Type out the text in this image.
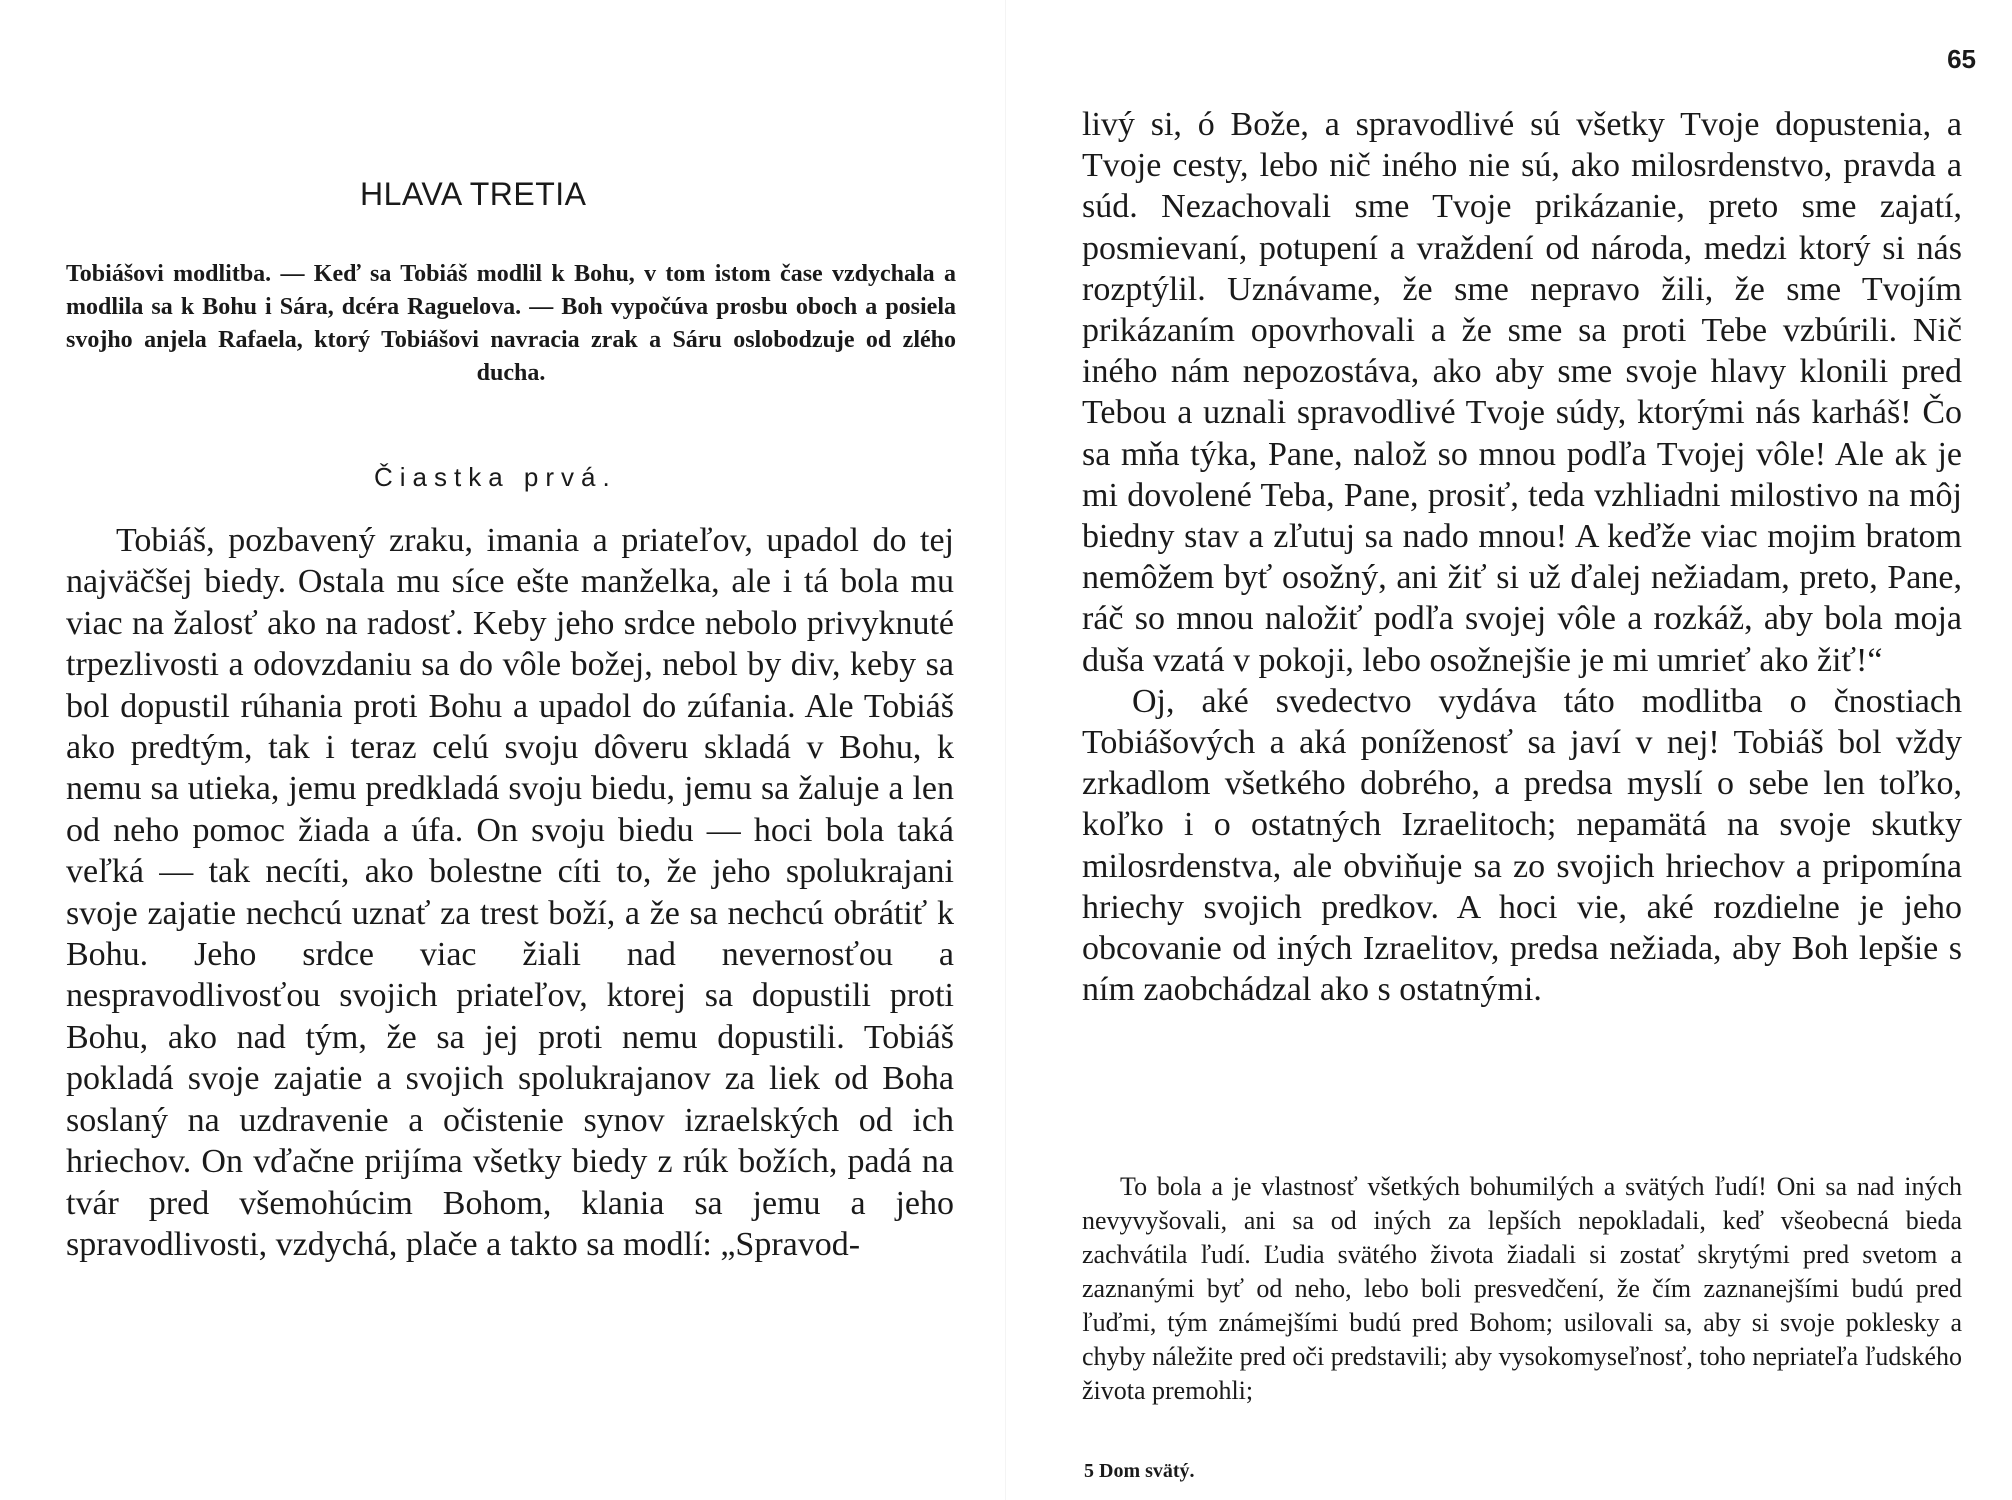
HLAVA TRETIA
Tobiášovi modlitba. — Keď sa Tobiáš modlil k Bohu, v tom istom čase vzdychala a modlila sa k Bohu i Sára, dcéra Raguelova. — Boh vypočúva prosbu oboch a posiela svojho anjela Rafaela, ktorý Tobiášovi navracia zrak a Sáru oslobodzuje od zlého ducha.
Čiastka prvá.

Tobiáš, pozbavený zraku, imania a priateľov, upadol do tej najväčšej biedy. Ostala mu síce ešte manželka, ale i tá bola mu viac na žalosť ako na radosť. Keby jeho srdce nebolo privyknuté trpezlivosti a odovzdaniu sa do vôle božej, nebol by div, keby sa bol dopustil rúhania proti Bohu a upadol do zúfania. Ale Tobiáš ako predtým, tak i teraz celú svoju dôveru skladá v Bohu, k nemu sa utieka, jemu predkladá svoju biedu, jemu sa žaluje a len od neho pomoc žiada a úfa. On svoju biedu — hoci bola taká veľká — tak necíti, ako bolestne cíti to, že jeho spolukrajani svoje zajatie nechcú uznať za trest boží, a že sa nechcú obrátiť k Bohu. Jeho srdce viac žiali nad nevernosťou a nespravodlivosťou svojich priateľov, ktorej sa dopustili proti Bohu, ako nad tým, že sa jej proti nemu dopustili. Tobiáš pokladá svoje zajatie a svojich spolukrajanov za liek od Boha soslaný na uzdravenie a očistenie synov izraelských od ich hriechov. On vďačne prijíma všetky biedy z rúk božích, padá na tvár pred všemohúcim Bohom, klania sa jemu a jeho spravodlivosti, vzdychá, plače a takto sa modlí: „Spravod-

65

livý si, ó Bože, a spravodlivé sú všetky Tvoje dopustenia, a Tvoje cesty, lebo nič iného nie sú, ako milosrdenstvo, pravda a súd. Nezachovali sme Tvoje prikázanie, preto sme zajatí, posmievaní, potupení a vraždení od národa, medzi ktorý si nás rozptýlil. Uznávame, že sme nepravo žili, že sme Tvojím prikázaním opovrhovali a že sme sa proti Tebe vzbúrili. Nič iného nám nepozostáva, ako aby sme svoje hlavy klonili pred Tebou a uznali spravodlivé Tvoje súdy, ktorými nás karháš! Čo sa mňa týka, Pane, nalož so mnou podľa Tvojej vôle! Ale ak je mi dovolené Teba, Pane, prosiť, teda vzhliadni milostivo na môj biedny stav a zľutuj sa nado mnou! A keďže viac mojim bratom nemôžem byť osožný, ani žiť si už ďalej nežiadam, preto, Pane, ráč so mnou naložiť podľa svojej vôle a rozkáž, aby bola moja duša vzatá v pokoji, lebo osožnejšie je mi umrieť ako žiť!“

Oj, aké svedectvo vydáva táto modlitba o čnostiach Tobiášových a aká poníženosť sa javí v nej! Tobiáš bol vždy zrkadlom všetkého dobrého, a predsa myslí o sebe len toľko, koľko i o ostatných Izraelitoch; nepamätá na svoje skutky milosrdenstva, ale obviňuje sa zo svojich hriechov a pripomína hriechy svojich predkov. A hoci vie, aké rozdielne je jeho obcovanie od iných Izraelitov, predsa nežiada, aby Boh lepšie s ním zaobchádzal ako s ostatnými.

To bola a je vlastnosť všetkých bohumilých a svätých ľudí! Oni sa nad iných nevyvyšovali, ani sa od iných za lepších nepokladali, keď všeobecná bieda zachvátila ľudí. Ľudia svätého života žiadali si zostať skrytými pred svetom a zaznanými byť od neho, lebo boli presvedčení, že čím zaznanejšími budú pred ľuďmi, tým známejšími budú pred Bohom; usilovali sa, aby si svoje poklesky a chyby náležite pred oči predstavili; aby vysokomyseľnosť, toho nepriateľa ľudského života premohli;

5 Dom svätý.
